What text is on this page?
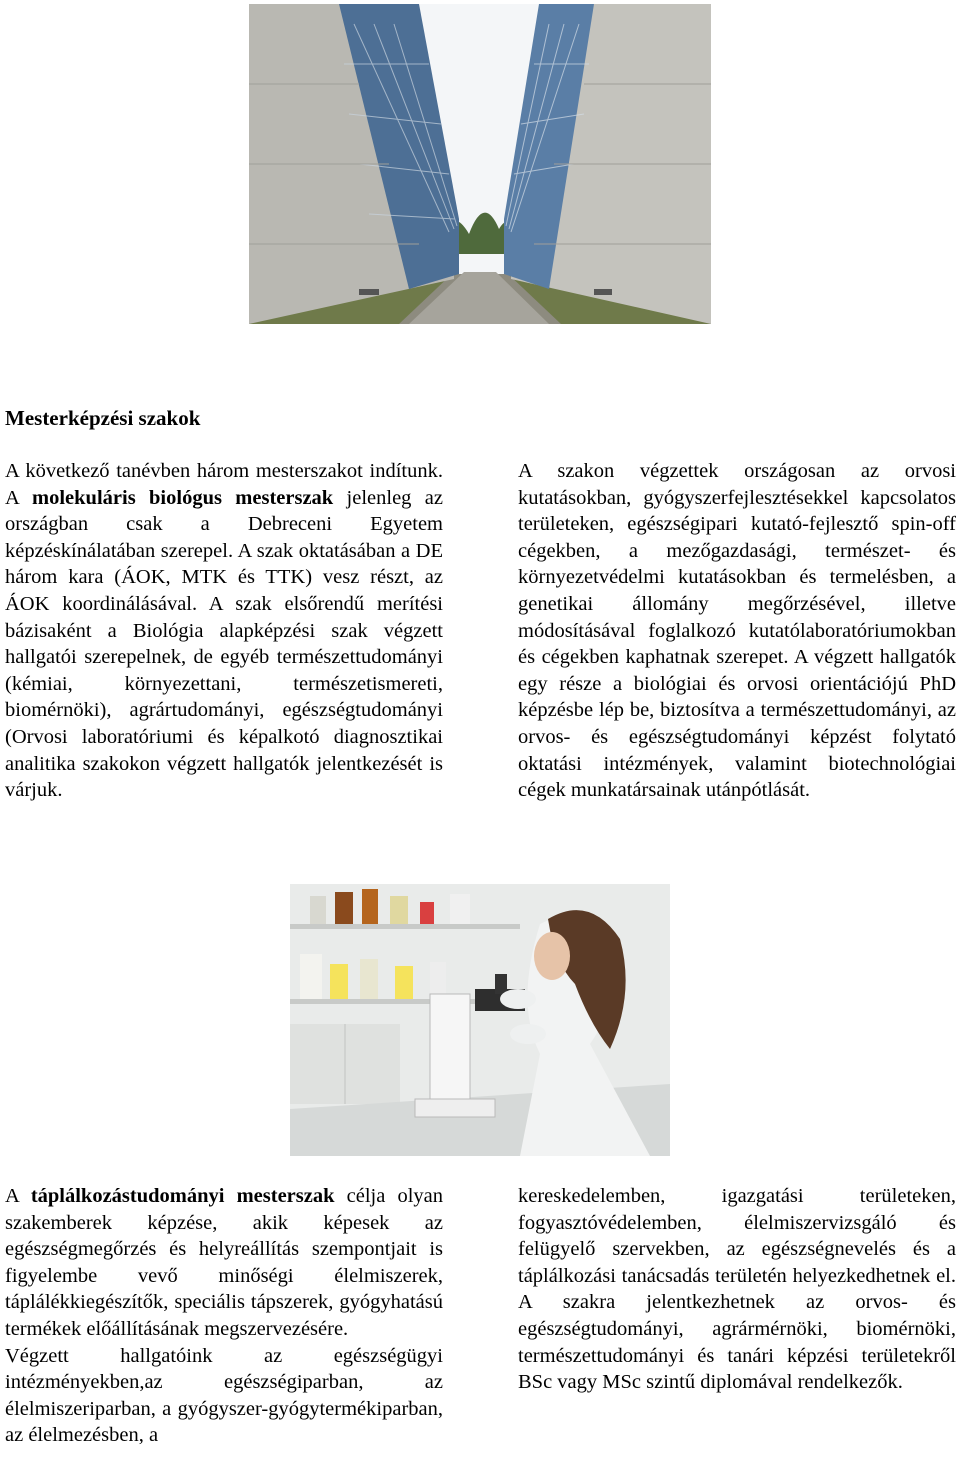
Mesterképzési szakok

A következő tanévben három mesterszakot indítunk. A molekuláris biológus mesterszak jelenleg az országban csak a Debreceni Egyetem képzéskínálatában szerepel. A szak oktatásában a DE három kara (ÁOK, MTK és TTK) vesz részt, az ÁOK koordinálásával. A szak elsőrendű merítési bázisaként a Biológia alapképzési szak végzett hallgatói szerepelnek, de egyéb természettudományi (kémiai, környezettani, természetismereti, biomérnöki), agrártudományi, egészségtudományi (Orvosi laboratóriumi és képalkotó diagnosztikai analitika szakokon végzett hallgatók jelentkezését is várjuk.

A szakon végzettek országosan az orvosi kutatásokban, gyógyszerfejlesztésekkel kapcsolatos területeken, egészségipari kutató-fejlesztő spin-off cégekben, a mezőgazdasági, természet- és környezetvédelmi kutatásokban és termelésben, a genetikai állomány megőrzésével, illetve módosításával foglalkozó kutatólaboratóriumokban és cégekben kaphatnak szerepet. A végzett hallgatók egy része a biológiai és orvosi orientációjú PhD képzésbe lép be, biztosítva a természettudományi, az orvos- és egészségtudományi képzést folytató oktatási intézmények, valamint biotechnológiai cégek munkatársainak utánpótlását.

A táplálkozástudományi mesterszak célja olyan szakemberek képzése, akik képesek az egészségmegőrzés és helyreállítás szempontjait is figyelembe vevő minőségi élelmiszerek, táplálékkiegészítők, speciális tápszerek, gyógyhatású termékek előállításának megszervezésére.

Végzett hallgatóink az egészségügyi intézményekben,az egészségiparban, az élelmiszeriparban, a gyógyszer-gyógytermékiparban, az élelmezésben, a

kereskedelemben, igazgatási területeken, fogyasztóvédelemben, élelmiszervizsgáló és felügyelő szervekben, az egészségnevelés és a táplálkozási tanácsadás területén helyezkedhetnek el. A szakra jelentkezhetnek az orvos- és egészségtudományi, agrármérnöki, biomérnöki, természettudományi és tanári képzési területekről BSc vagy MSc szintű diplomával rendelkezők.
